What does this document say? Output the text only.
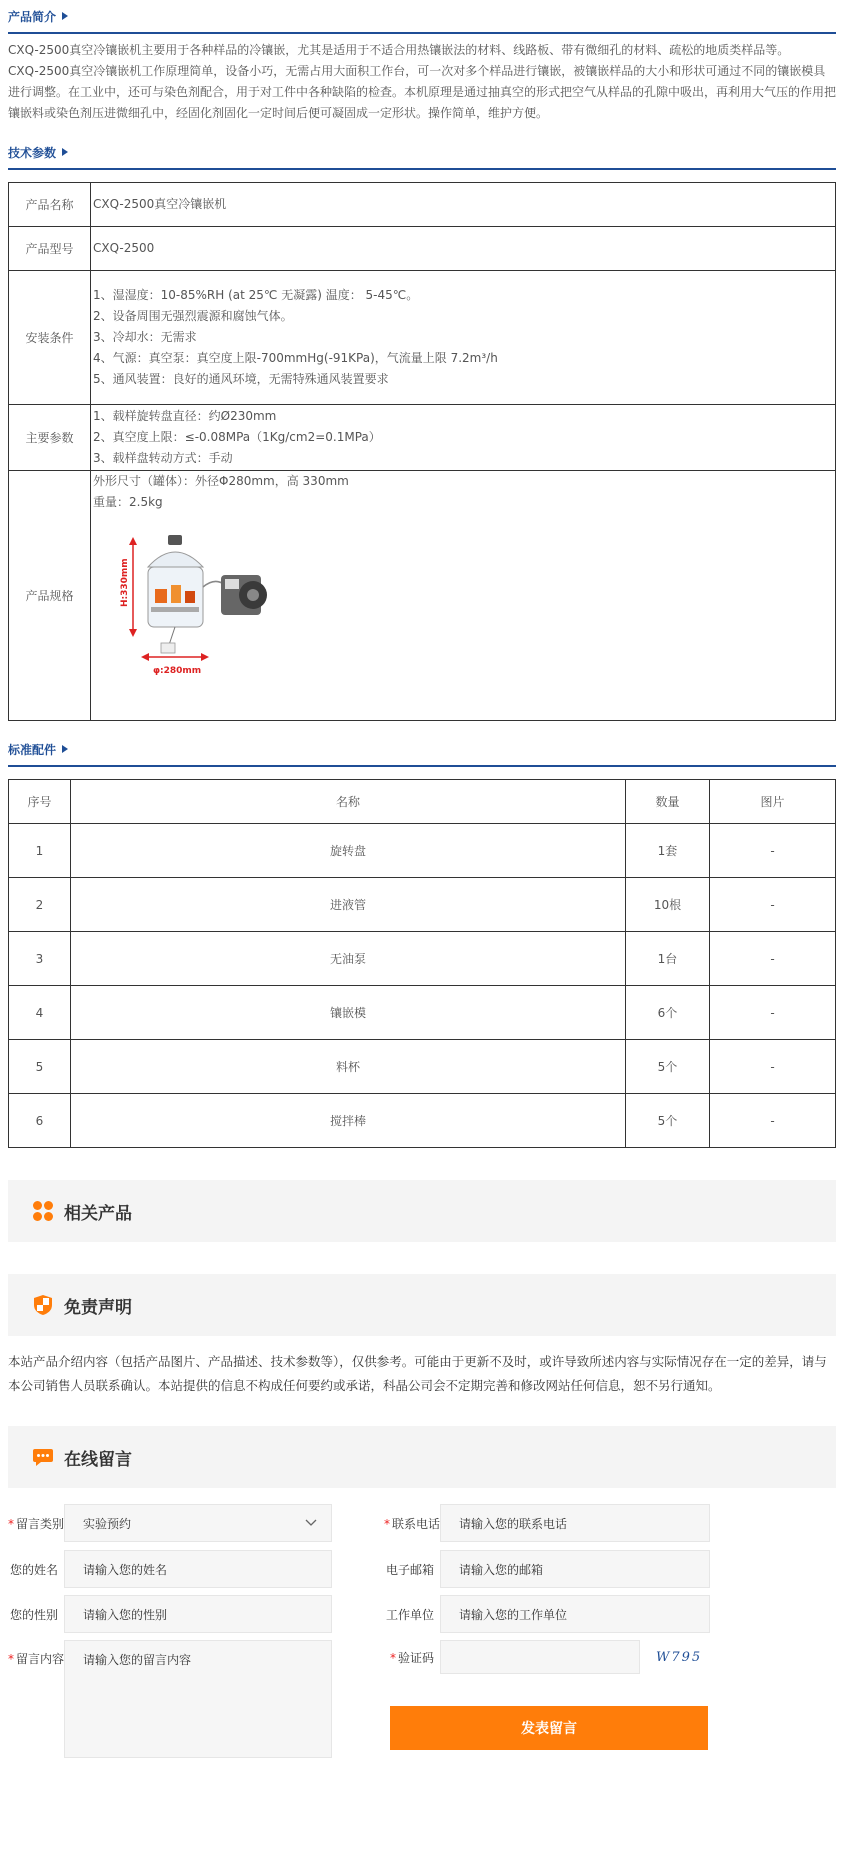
产品简介

CXQ-2500真空冷镶嵌机主要用于各种样品的冷镶嵌，尤其是适用于不适合用热镶嵌法的材料、线路板、带有微细孔的材料、疏松的地质类样品等。

CXQ-2500真空冷镶嵌机工作原理简单，设备小巧，无需占用大面积工作台，可一次对多个样品进行镶嵌，被镶嵌样品的大小和形状可通过不同的镶嵌模具进行调整。在工业中，还可与染色剂配合，用于对工件中各种缺陷的检查。本机原理是通过抽真空的形式把空气从样品的孔隙中吸出，再利用大气压的作用把镶嵌料或染色剂压进微细孔中，经固化剂固化一定时间后便可凝固成一定形状。操作简单，维护方便。

技术参数
产品名称	CXQ-2500真空冷镶嵌机
产品型号	CXQ-2500
安装条件	1、湿湿度：10-85%RH (at 25℃ 无凝露) 温度： 5-45℃。
2、设备周围无强烈震源和腐蚀气体。
3、冷却水：无需求
4、气源：真空泵：真空度上限-700mmHg(-91KPa)，气流量上限 7.2m³/h
5、通风装置：良好的通风环境，无需特殊通风装置要求

主要参数	1、载样旋转盘直径：约Ø230mm
2、真空度上限：≤-0.08MPa（1Kg/cm2=0.1MPa）
3、载样盘转动方式：手动

产品规格	外形尺寸（罐体）：外径Φ280mm，高 330mm
重量：2.5kg
H:330mm
φ:280mm
标准配件
序号	名称	数量	图片
1	旋转盘	1套	-
2	进液管	10根	-
3	无油泵	1台	-
4	镶嵌模	6个	-
5	料杯	5个	-
6	搅拌棒	5个	-
相关产品
免责声明

本站产品介绍内容（包括产品图片、产品描述、技术参数等），仅供参考。可能由于更新不及时，或许导致所述内容与实际情况存在一定的差异，请与本公司销售人员联系确认。本站提供的信息不构成任何要约或承诺，科晶公司会不定期完善和修改网站任何信息，恕不另行通知。

在线留言
* 留言类别 实验预约	* 联系电话	请输入您的联系电话
您的姓名	请输入您的姓名	电子邮箱	请输入您的邮箱
您的性别	请输入您的性别	工作单位	请输入您的工作单位
* 留言内容	请输入您的留言内容	* 验证码	W795
发表留言
